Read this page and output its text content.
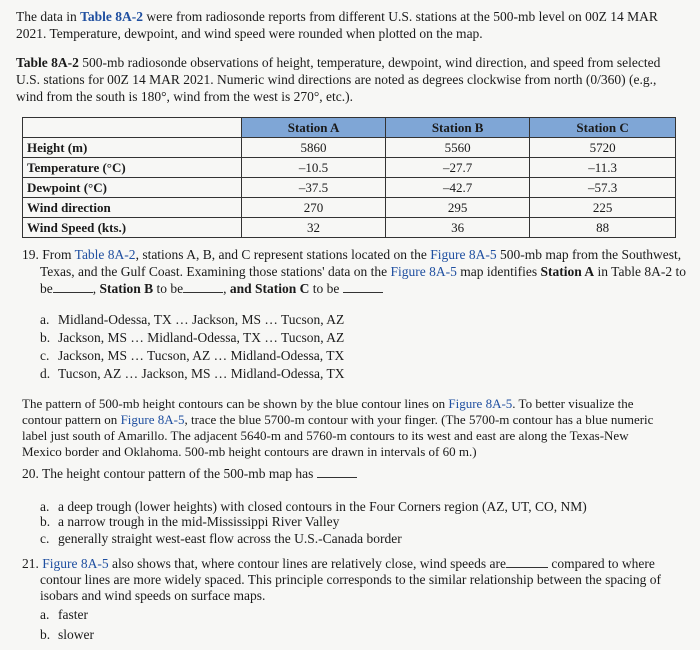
The data in Table 8A-2 were from radiosonde reports from different U.S. stations at the 500-mb level on 00Z 14 MAR

2021. Temperature, dewpoint, and wind speed were rounded when plotted on the map.

Table 8A-2 500-mb radiosonde observations of height, temperature, dewpoint, wind direction, and speed from selected

U.S. stations for 00Z 14 MAR 2021. Numeric wind directions are noted as degrees clockwise from north (0/360) (e.g.,

wind from the south is 180°, wind from the west is 270°, etc.).

	Station A	Station B	Station C
Height (m)	5860	5560	5720
Temperature (°C)	–10.5	–27.7	–11.3
Dewpoint (°C)	–37.5	–42.7	–57.3
Wind direction	270	295	225
Wind Speed (kts.)	32	36	88

19. From Table 8A-2, stations A, B, and C represent stations located on the Figure 8A-5 500-mb map from the Southwest,

Texas, and the Gulf Coast. Examining those stations' data on the Figure 8A-5 map identifies Station A in Table 8A-2 to

be	, Station B to be	, and Station C to be

a. Midland-Odessa, TX … Jackson, MS … Tucson, AZ

b. Jackson, MS … Midland-Odessa, TX … Tucson, AZ

c. Jackson, MS … Tucson, AZ … Midland-Odessa, TX

d. Tucson, AZ … Jackson, MS … Midland-Odessa, TX

The pattern of 500-mb height contours can be shown by the blue contour lines on Figure 8A-5. To better visualize the

contour pattern on Figure 8A-5, trace the blue 5700-m contour with your finger. (The 5700-m contour has a blue numeric

label just south of Amarillo. The adjacent 5640-m and 5760-m contours to its west and east are along the Texas-New

Mexico border and Oklahoma. 500-mb height contours are drawn in intervals of 60 m.)

20. The height contour pattern of the 500-mb map has

a. a deep trough (lower heights) with closed contours in the Four Corners region (AZ, UT, CO, NM)

b. a narrow trough in the mid-Mississippi River Valley

c. generally straight west-east flow across the U.S.-Canada border

21. Figure 8A-5 also shows that, where contour lines are relatively close, wind speeds are	compared to where

contour lines are more widely spaced. This principle corresponds to the similar relationship between the spacing of

isobars and wind speeds on surface maps.

a. faster

b. slower
